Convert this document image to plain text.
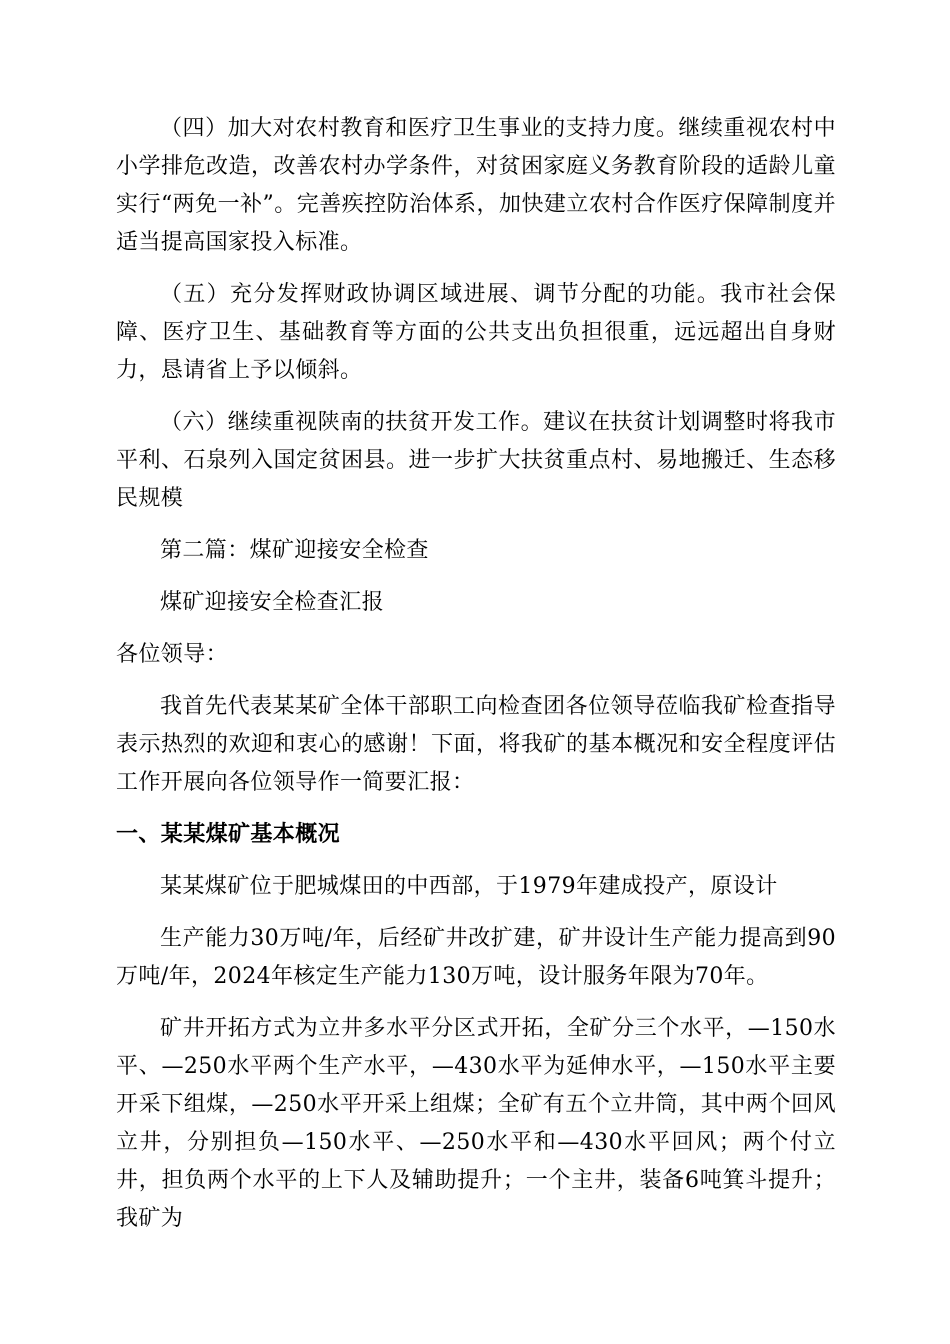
（四）加大对农村教育和医疗卫生事业的支持力度。继续重视农村中小学排危改造，改善农村办学条件，对贫困家庭义务教育阶段的适龄儿童实行“两免一补”。完善疾控防治体系，加快建立农村合作医疗保障制度并适当提高国家投入标准。

（五）充分发挥财政协调区域进展、调节分配的功能。我市社会保障、医疗卫生、基础教育等方面的公共支出负担很重，远远超出自身财力，恳请省上予以倾斜。

（六）继续重视陕南的扶贫开发工作。建议在扶贫计划调整时将我市平利、石泉列入国定贫困县。进一步扩大扶贫重点村、易地搬迁、生态移民规模

第二篇：煤矿迎接安全检查

煤矿迎接安全检查汇报

各位领导：

我首先代表某某矿全体干部职工向检查团各位领导莅临我矿检查指导表示热烈的欢迎和衷心的感谢！下面，将我矿的基本概况和安全程度评估工作开展向各位领导作一简要汇报：

一、某某煤矿基本概况

某某煤矿位于肥城煤田的中西部，于1979年建成投产，原设计

生产能力30万吨/年，后经矿井改扩建，矿井设计生产能力提高到90万吨/年，2024年核定生产能力130万吨，设计服务年限为70年。

矿井开拓方式为立井多水平分区式开拓，全矿分三个水平，—150水平、—250水平两个生产水平，—430水平为延伸水平，—150水平主要开采下组煤，—250水平开采上组煤；全矿有五个立井筒，其中两个回风立井，分别担负—150水平、—250水平和—430水平回风；两个付立井，担负两个水平的上下人及辅助提升；一个主井，装备6吨箕斗提升；我矿为
